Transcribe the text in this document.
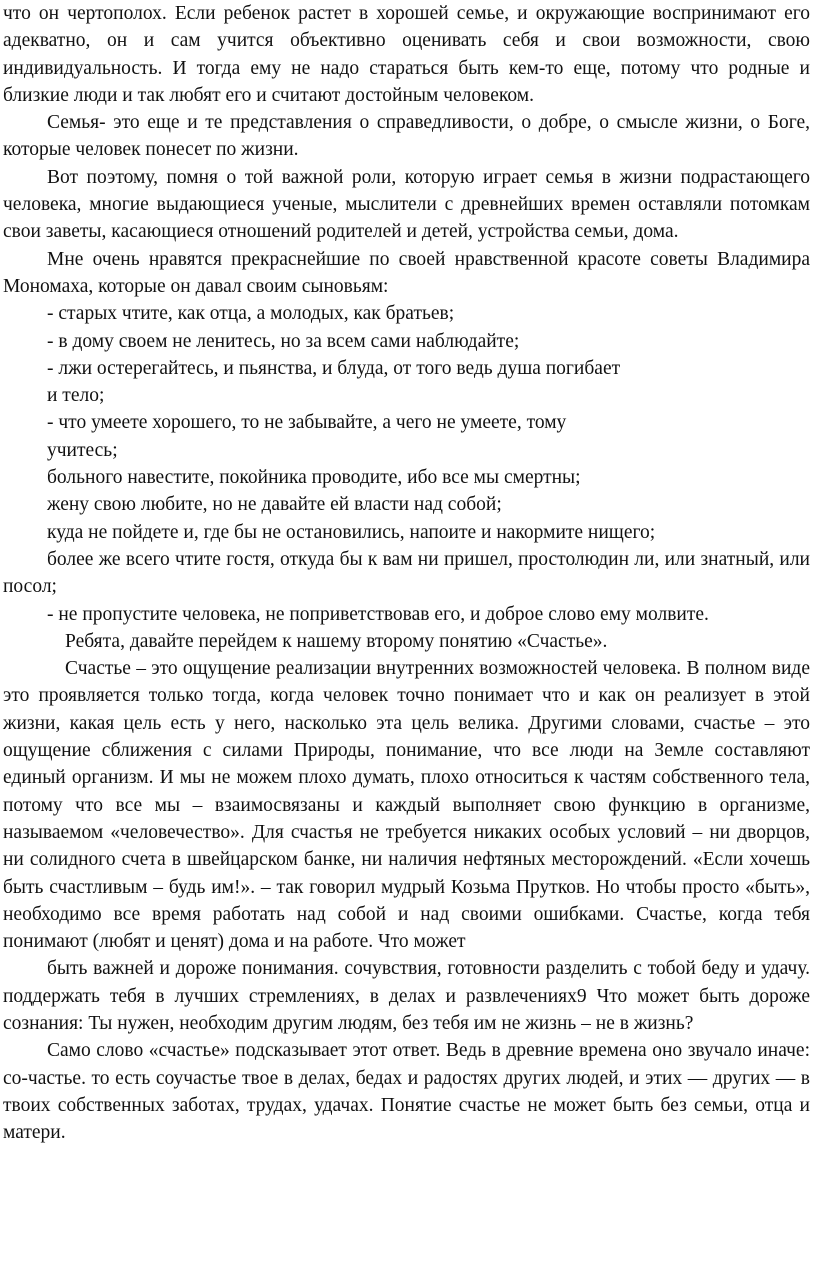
что он чертополох. Если ребенок растет в хорошей семье, и окружающие воспринимают его адекватно, он и сам учится объективно оценивать себя и свои возможности, свою индивидуальность. И тогда ему не надо стараться быть кем-то еще, потому что родные и близкие люди и так любят его и считают достойным человеком.

Семья- это еще и те представления о справедливости, о добре, о смысле жизни, о Боге, которые человек понесет по жизни.

Вот поэтому, помня о той важной роли, которую играет семья в жизни подрастающего человека, многие выдающиеся ученые, мыслители с древнейших времен оставляли потомкам свои заветы, касающиеся отношений родителей и детей, устройства семьи, дома.

Мне очень нравятся прекраснейшие по своей нравственной красоте советы Владимира Мономаха, которые он давал своим сыновьям:

- старых чтите, как отца, а молодых, как братьев;

- в дому своем не ленитесь, но за всем сами наблюдайте;

- лжи остерегайтесь, и пьянства, и блуда, от того ведь душа погибает

и тело;

- что умеете хорошего, то не забывайте, а чего не умеете, тому

учитесь;

больного навестите, покойника проводите, ибо все мы смертны;

жену свою любите, но не давайте ей власти над собой;

куда не пойдете и, где бы не остановились, напоите и накормите нищего;

более же всего чтите гостя, откуда бы к вам ни пришел, простолюдин ли, или знатный, или посол;

- не пропустите человека, не поприветствовав его, и доброе слово ему молвите.

Ребята, давайте перейдем к нашему второму понятию «Счастье».

Счастье – это ощущение реализации внутренних возможностей человека. В полном виде это проявляется только тогда, когда человек точно понимает что и как он реализует в этой жизни, какая цель есть у него, насколько эта цель велика. Другими словами, счастье – это ощущение сближения с силами Природы, понимание, что все люди на Земле составляют единый организм. И мы не можем плохо думать, плохо относиться к частям собственного тела, потому что все мы – взаимосвязаны и каждый выполняет свою функцию в организме, называемом «человечество». Для счастья не требуется никаких особых условий – ни дворцов, ни солидного счета в швейцарском банке, ни наличия нефтяных месторождений. «Если хочешь быть счастливым – будь им!». – так говорил мудрый Козьма Прутков. Но чтобы просто «быть», необходимо все время работать над собой и над своими ошибками. Счастье, когда тебя понимают (любят и ценят) дома и на работе. Что может

быть важней и дороже понимания. сочувствия, готовности разделить с тобой беду и удачу. поддержать тебя в лучших стремлениях, в делах и развлечениях9 Что может быть дороже сознания: Ты нужен, необходим другим людям, без тебя им не жизнь – не в жизнь?

Само слово «счастье» подсказывает этот ответ. Ведь в древние времена оно звучало иначе: со-частье. то есть соучастье твое в делах, бедах и радостях других людей, и этих — других — в твоих собственных заботах, трудах, удачах. Понятие счастье не может быть без семьи, отца и матери.
